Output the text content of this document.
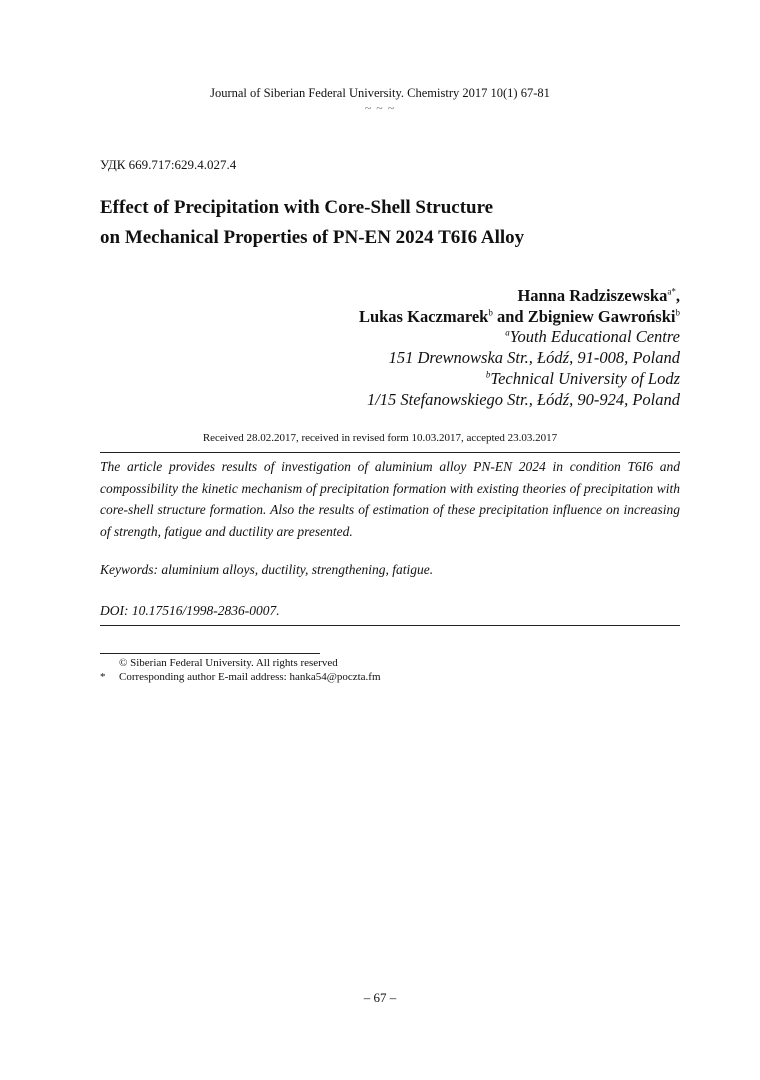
Journal of Siberian Federal University. Chemistry 2017 10(1) 67-81
~ ~ ~
УДК 669.717:629.4.027.4
Effect of Precipitation with Core-Shell Structure
on Mechanical Properties of PN-EN 2024 T6I6 Alloy
Hanna Radziszewska$^{a*}$,
Lukas Kaczmarek$^b$ and Zbigniew Gawroński$^b$
$^a$Youth Educational Centre
151 Drewnowska Str., Łódź, 91-008, Poland
$^b$Technical University of Lodz
1/15 Stefanowskiego Str., Łódź, 90-924, Poland
Received 28.02.2017, received in revised form 10.03.2017, accepted 23.03.2017
The article provides results of investigation of aluminium alloy PN-EN 2024 in condition T6I6 and compossibility the kinetic mechanism of precipitation formation with existing theories of precipitation with core-shell structure formation. Also the results of estimation of these precipitation influence on increasing of strength, fatigue and ductility are presented.
Keywords: aluminium alloys, ductility, strengthening, fatigue.
DOI: 10.17516/1998-2836-0007.
© Siberian Federal University. All rights reserved
* Corresponding author E-mail address: hanka54@poczta.fm
– 67 –
